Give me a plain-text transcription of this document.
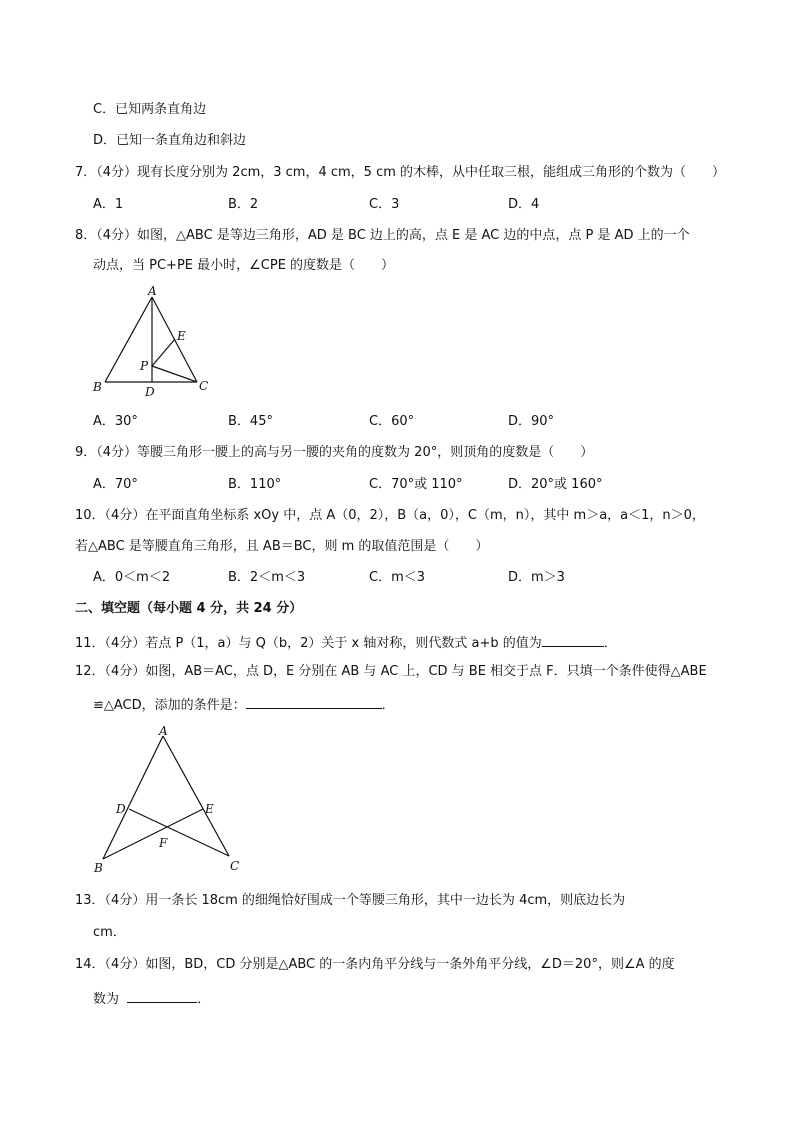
C．已知两条直角边
D．已知一条直角边和斜边
7．（4分）现有长度分别为 2cm，3 cm，4 cm，5 cm 的木棒，从中任取三根，能组成三角形的个数为（　　）
A．1	B．2	C．3	D．4
8．（4分）如图，△ABC 是等边三角形，AD 是 BC 边上的高，点 E 是 AC 边的中点，点 P 是 AD 上的一个
动点，当 PC+PE 最小时，∠CPE 的度数是（　　）
A
B	C
D
E
P
A．30°	B．45°	C．60°	D．90°
9．（4分）等腰三角形一腰上的高与另一腰的夹角的度数为 20°，则顶角的度数是（　　）
A．70°	B．110°	C．70°或 110°	D．20°或 160°
10．（4分）在平面直角坐标系 xOy 中，点 A（0，2），B（a，0），C（m，n），其中 m＞a，a＜1，n＞0，
若△ABC 是等腰直角三角形，且 AB＝BC，则 m 的取值范围是（　　）
A．0＜m＜2	B．2＜m＜3	C．m＜3	D．m＞3
二、填空题（每小题 4 分，共 24 分）
11．（4分）若点 P（1，a）与 Q（b，2）关于 x 轴对称，则代数式 a+b 的值为	．
12．（4分）如图，AB＝AC，点 D，E 分别在 AB 与 AC 上，CD 与 BE 相交于点 F．只填一个条件使得△ABE
≌△ACD，添加的条件是：	．
A
B	C
D	E
F
13．（4分）用一条长 18cm 的细绳恰好围成一个等腰三角形，其中一边长为 4cm，则底边长为
cm．
14．（4分）如图，BD，CD 分别是△ABC 的一条内角平分线与一条外角平分线，∠D＝20°，则∠A 的度
数为	．
